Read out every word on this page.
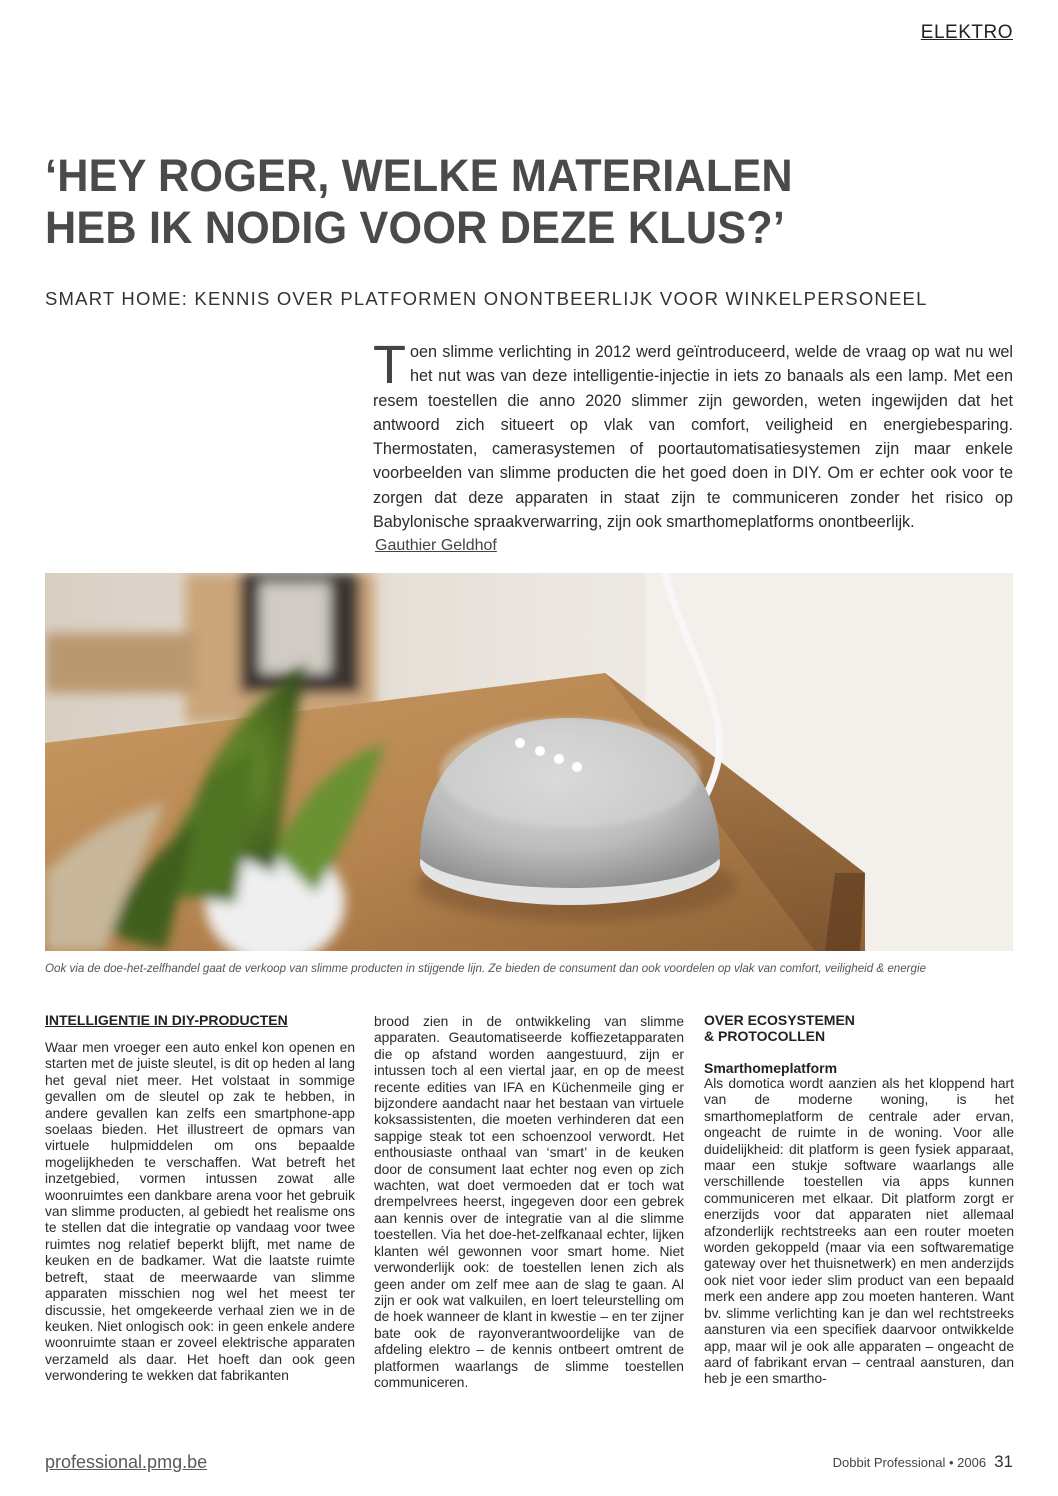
ELEKTRO
‘HEY ROGER, WELKE MATERIALEN
HEB IK NODIG VOOR DEZE KLUS?’
SMART HOME: KENNIS OVER PLATFORMEN ONONTBEERLIJK VOOR WINKELPERSONEEL
Toen slimme verlichting in 2012 werd geïntroduceerd, welde de vraag op wat nu wel het nut was van deze intelligentie-injectie in iets zo banaals als een lamp. Met een resem toestellen die anno 2020 slimmer zijn geworden, weten ingewijden dat het antwoord zich situeert op vlak van comfort, veiligheid en energiebesparing. Thermostaten, camerasystemen of poortautomatisatiesystemen zijn maar enkele voorbeelden van slimme producten die het goed doen in DIY. Om er echter ook voor te zorgen dat deze apparaten in staat zijn te communiceren zonder het risico op Babylonische spraakverwarring, zijn ook smarthomeplatforms onontbeerlijk.
Gauthier Geldhof
Ook via de doe-het-zelfhandel gaat de verkoop van slimme producten in stijgende lijn. Ze bieden de consument dan ook voordelen op vlak van comfort, veiligheid & energie
INTELLIGENTIE IN DIY-PRODUCTEN

Waar men vroeger een auto enkel kon openen en starten met de juiste sleutel, is dit op heden al lang het geval niet meer. Het volstaat in sommige gevallen om de sleutel op zak te hebben, in andere gevallen kan zelfs een smartphone-app soelaas bieden. Het illustreert de opmars van virtuele hulpmiddelen om ons bepaalde mogelijkheden te verschaffen. Wat betreft het inzetgebied, vormen intussen zowat alle woonruimtes een dankbare arena voor het gebruik van slimme producten, al gebiedt het realisme ons te stellen dat die integratie op vandaag voor twee ruimtes nog relatief beperkt blijft, met name de keuken en de badkamer. Wat die laatste ruimte betreft, staat de meerwaarde van slimme apparaten misschien nog wel het meest ter discussie, het omgekeerde verhaal zien we in de keuken. Niet onlogisch ook: in geen enkele andere woonruimte staan er zoveel elektrische apparaten verzameld als daar. Het hoeft dan ook geen verwondering te wekken dat fabrikanten

brood zien in de ontwikkeling van slimme apparaten. Geautomatiseerde koffiezetapparaten die op afstand worden aangestuurd, zijn er intussen toch al een viertal jaar, en op de meest recente edities van IFA en Küchenmeile ging er bijzondere aandacht naar het bestaan van virtuele koksassistenten, die moeten verhinderen dat een sappige steak tot een schoenzool verwordt. Het enthousiaste onthaal van ‘smart’ in de keuken door de consument laat echter nog even op zich wachten, wat doet vermoeden dat er toch wat drempelvrees heerst, ingegeven door een gebrek aan kennis over de integratie van al die slimme toestellen. Via het doe-het-zelfkanaal echter, lijken klanten wél gewonnen voor smart home. Niet verwonderlijk ook: de toestellen lenen zich als geen ander om zelf mee aan de slag te gaan. Al zijn er ook wat valkuilen, en loert teleurstelling om de hoek wanneer de klant in kwestie – en ter zijner bate ook de rayonverantwoordelijke van de afdeling elektro – de kennis ontbeert omtrent de platformen waarlangs de slimme toestellen communiceren.

OVER ECOSYSTEMEN
& PROTOCOLLEN
Smarthomeplatform

Als domotica wordt aanzien als het kloppend hart van de moderne woning, is het smarthomeplatform de centrale ader ervan, ongeacht de ruimte in de woning. Voor alle duidelijkheid: dit platform is geen fysiek apparaat, maar een stukje software waarlangs alle verschillende toestellen via apps kunnen communiceren met elkaar. Dit platform zorgt er enerzijds voor dat apparaten niet allemaal afzonderlijk rechtstreeks aan een router moeten worden gekoppeld (maar via een softwarematige gateway over het thuisnetwerk) en men anderzijds ook niet voor ieder slim product van een bepaald merk een andere app zou moeten hanteren. Want bv. slimme verlichting kan je dan wel rechtstreeks aansturen via een specifiek daarvoor ontwikkelde app, maar wil je ook alle apparaten – ongeacht de aard of fabrikant ervan – centraal aansturen, dan heb je een smartho-

professional.pmg.be	Dobbit Professional • 2006 31
